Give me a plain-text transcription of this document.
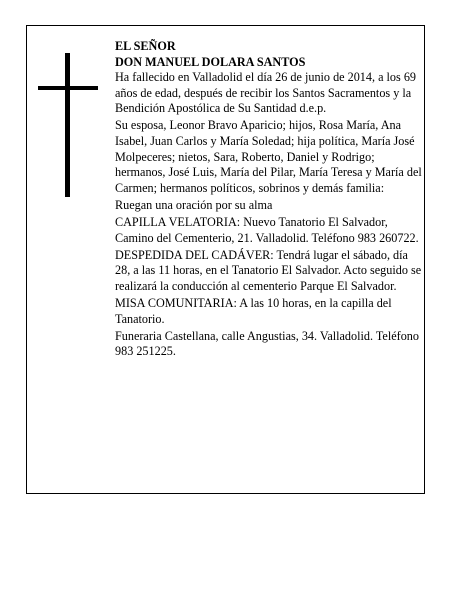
EL SEÑOR

DON MANUEL DOLARA SANTOS

Ha fallecido en Valladolid el día 26 de junio de 2014, a los 69 años de edad, después de recibir los Santos Sacramentos y la Bendición Apostólica de Su Santidad d.e.p.

Su esposa, Leonor Bravo Aparicio; hijos, Rosa María, Ana Isabel, Juan Carlos y María Soledad; hija política, María José Molpeceres; nietos, Sara, Roberto, Daniel y Rodrigo; hermanos, José Luis, María del Pilar, María Teresa y María del Carmen; hermanos políticos, sobrinos y demás familia:

Ruegan una oración por su alma

CAPILLA VELATORIA: Nuevo Tanatorio El Salvador, Camino del Cementerio, 21. Valladolid. Teléfono 983 260722.

DESPEDIDA DEL CADÁVER: Tendrá lugar el sábado, día 28, a las 11 horas, en el Tanatorio El Salvador. Acto seguido se realizará la conducción al cementerio Parque El Salvador.

MISA COMUNITARIA: A las 10 horas, en la capilla del Tanatorio.

Funeraria Castellana, calle Angustias, 34. Valladolid. Teléfono 983 251225.
